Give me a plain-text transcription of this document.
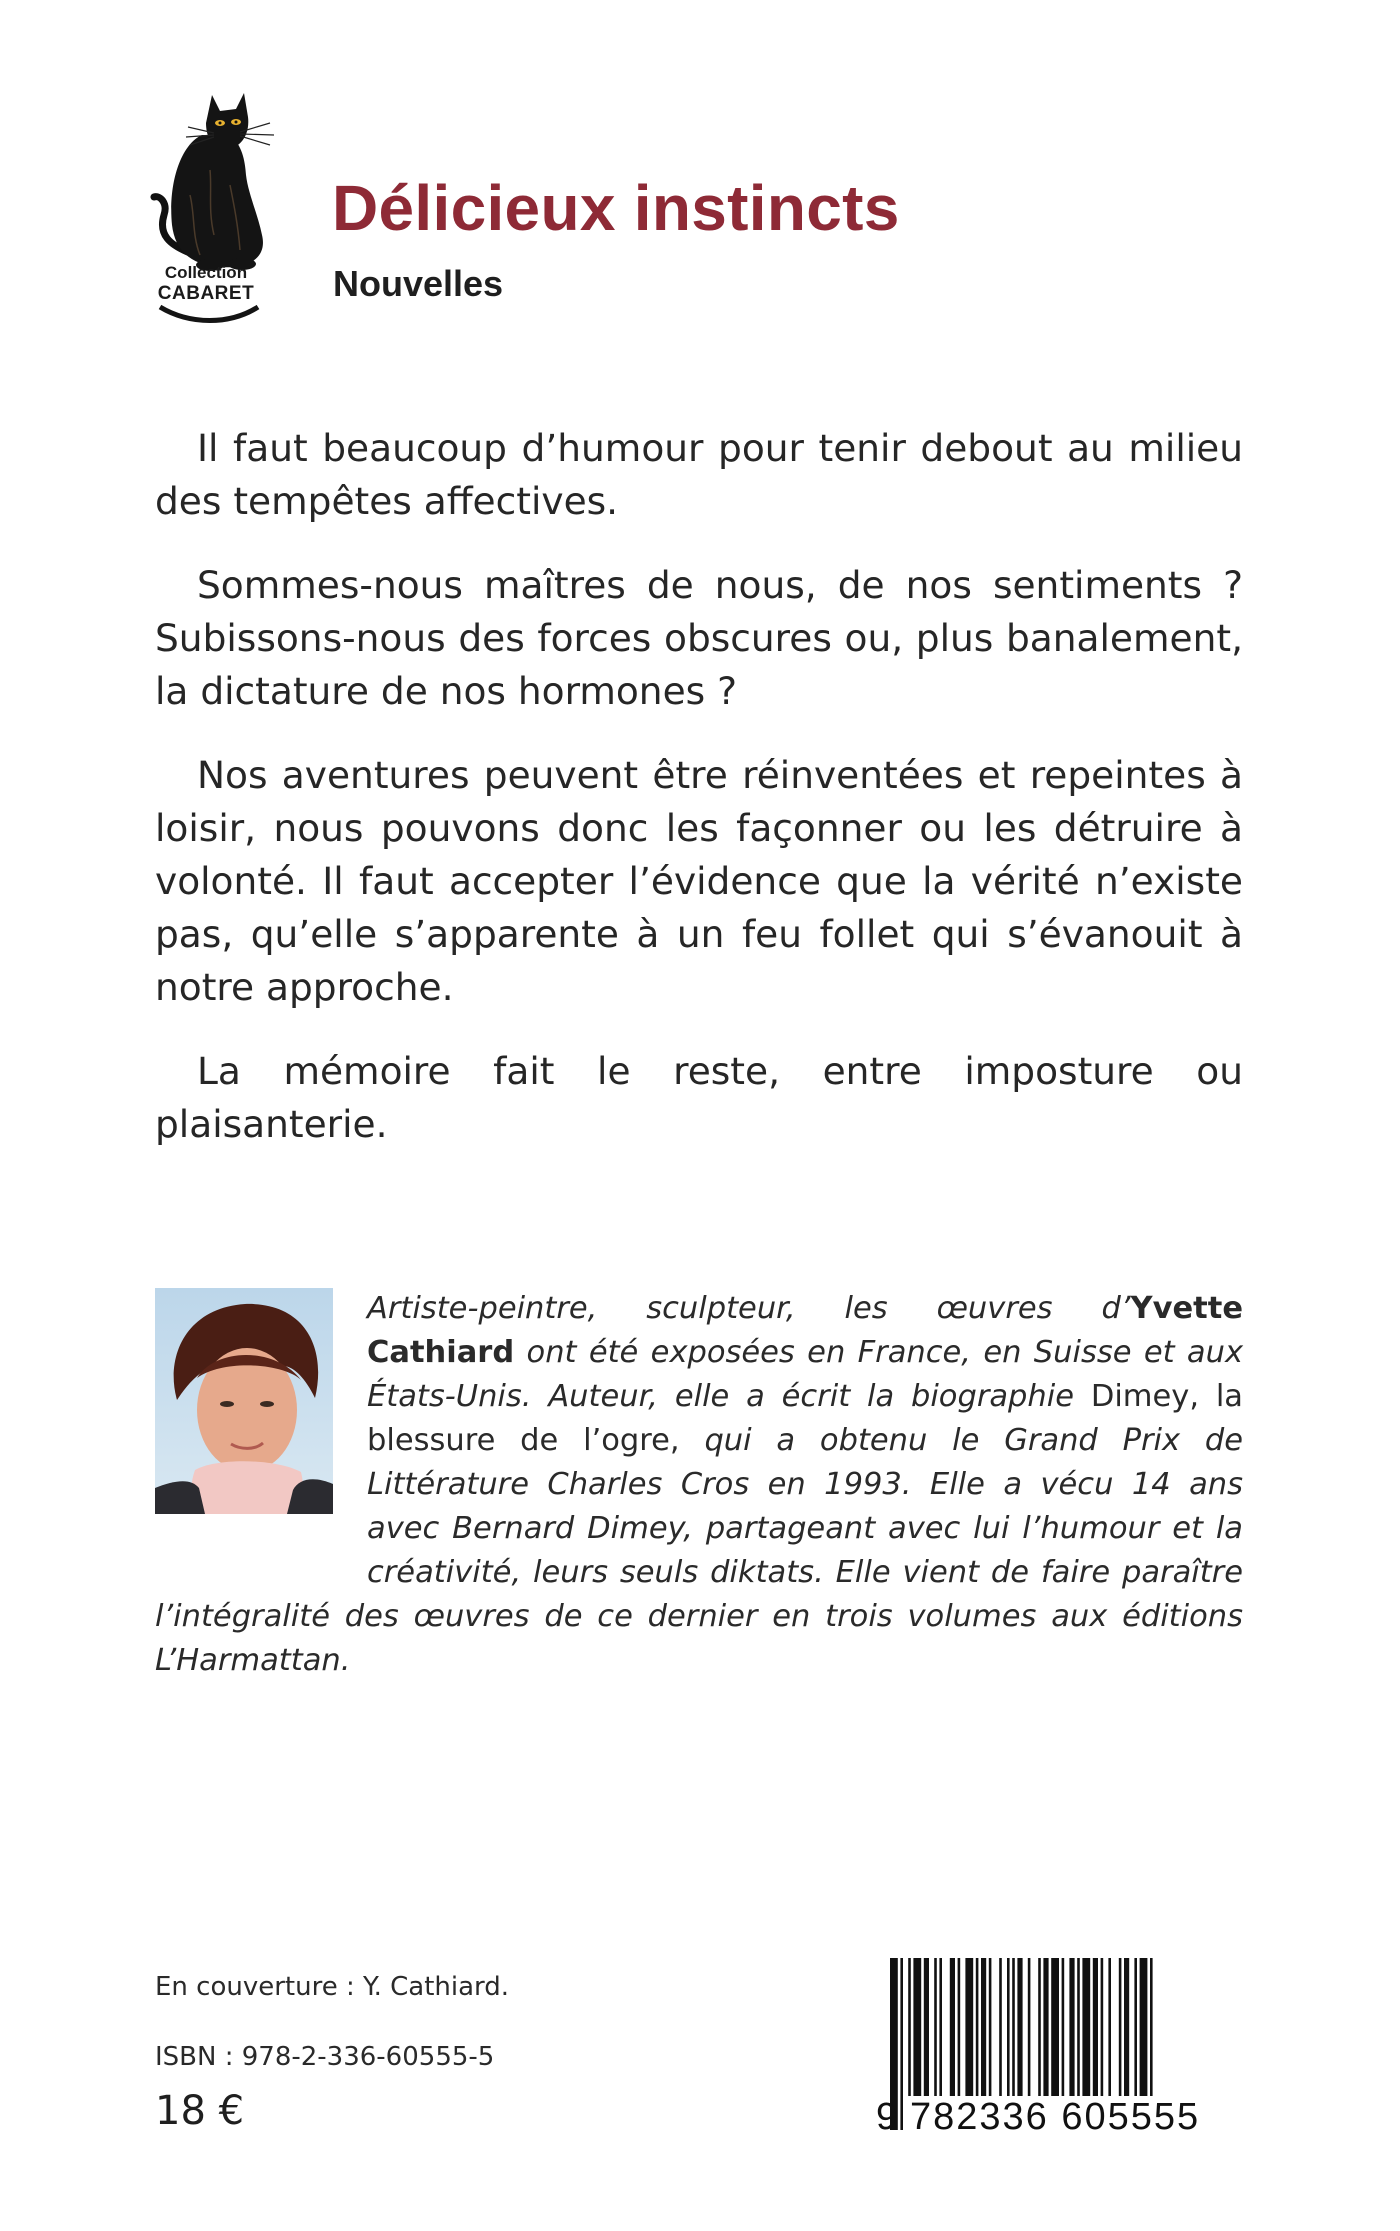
Collection
CABARET
Délicieux instincts
Nouvelles

Il faut beaucoup d’humour pour tenir debout au milieu des tempêtes affectives.

Sommes-nous maîtres de nous, de nos sentiments ? Subissons-nous des forces obscures ou, plus banalement, la dictature de nos hormones ?

Nos aventures peuvent être réinventées et repeintes à loisir, nous pouvons donc les façonner ou les détruire à volonté. Il faut accepter l’évidence que la vérité n’existe pas, qu’elle s’apparente à un feu follet qui s’évanouit à notre approche.

La mémoire fait le reste, entre imposture ou plaisanterie.

Artiste-peintre, sculpteur, les œuvres d’Yvette Cathiard ont été exposées en France, en Suisse et aux États-Unis. Auteur, elle a écrit la biographie Dimey, la blessure de l’ogre, qui a obtenu le Grand Prix de Littérature Charles Cros en 1993. Elle a vécu 14 ans avec Bernard Dimey, partageant avec lui l’humour et la créativité, leurs seuls diktats. Elle vient de faire paraître l’intégralité des œuvres de ce dernier en trois volumes aux éditions L’Harmattan.
En couverture : Y. Cathiard.
ISBN : 978-2-336-60555-5
18 €	9 782336 605555
